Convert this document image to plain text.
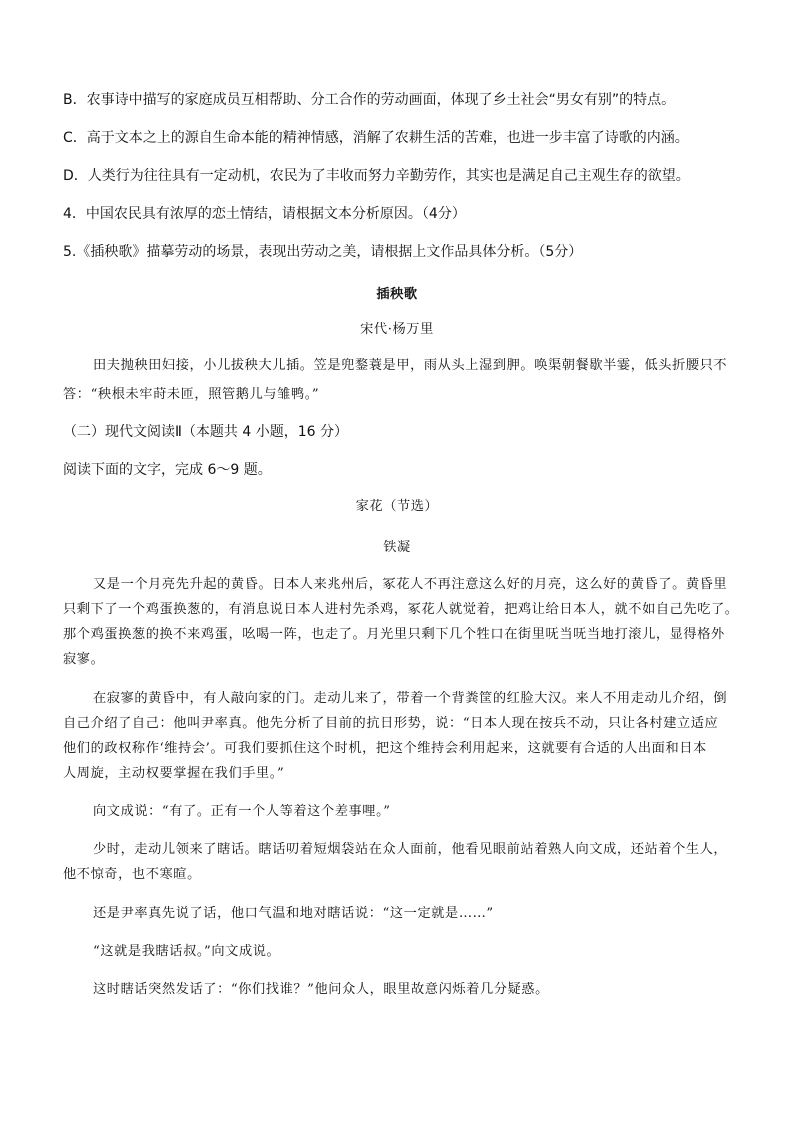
B．农事诗中描写的家庭成员互相帮助、分工合作的劳动画面，体现了乡土社会“男女有别”的特点。
C．高于文本之上的源自生命本能的精神情感，消解了农耕生活的苦难，也进一步丰富了诗歌的内涵。
D．人类行为往往具有一定动机，农民为了丰收而努力辛勤劳作，其实也是满足自己主观生存的欲望。
4．中国农民具有浓厚的恋土情结，请根据文本分析原因。（4分）
5.《插秧歌》描摹劳动的场景，表现出劳动之美，请根据上文作品具体分析。（5分）
插秧歌
宋代·杨万里
田夫抛秧田妇接，小儿拔秧大儿插。笠是兜鍪蓑是甲，雨从头上湿到胛。唤渠朝餐歇半霎，低头折腰只不
答：“秧根未牢莳未匝，照管鹅儿与雏鸭。”
（二）现代文阅读Ⅱ（本题共 4 小题，16 分）
阅读下面的文字，完成 6～9 题。
家花（节选）
铁凝
又是一个月亮先升起的黄昏。日本人来兆州后，冢花人不再注意这么好的月亮，这么好的黄昏了。黄昏里
只剩下了一个鸡蛋换葱的，有消息说日本人进村先杀鸡，冢花人就觉着，把鸡让给日本人，就不如自己先吃了。
那个鸡蛋换葱的换不来鸡蛋，吆喝一阵，也走了。月光里只剩下几个牲口在街里呒当呒当地打滚儿，显得格外
寂寥。
在寂寥的黄昏中，有人敲向家的门。走动儿来了，带着一个背粪筐的红脸大汉。来人不用走动儿介绍，倒
自己介绍了自己：他叫尹率真。他先分析了目前的抗日形势，说：“日本人现在按兵不动，只让各村建立适应
他们的政权称作‘维持会’。可我们要抓住这个时机，把这个维持会利用起来，这就要有合适的人出面和日本
人周旋，主动权要掌握在我们手里。”
向文成说：“有了。正有一个人等着这个差事哩。”
少时，走动儿领来了瞎话。瞎话叨着短烟袋站在众人面前，他看见眼前站着熟人向文成，还站着个生人，
他不惊奇，也不寒暄。
还是尹率真先说了话，他口气温和地对瞎话说：“这一定就是……”
“这就是我瞎话叔。”向文成说。
这时瞎话突然发话了：“你们找谁？”他问众人，眼里故意闪烁着几分疑惑。
